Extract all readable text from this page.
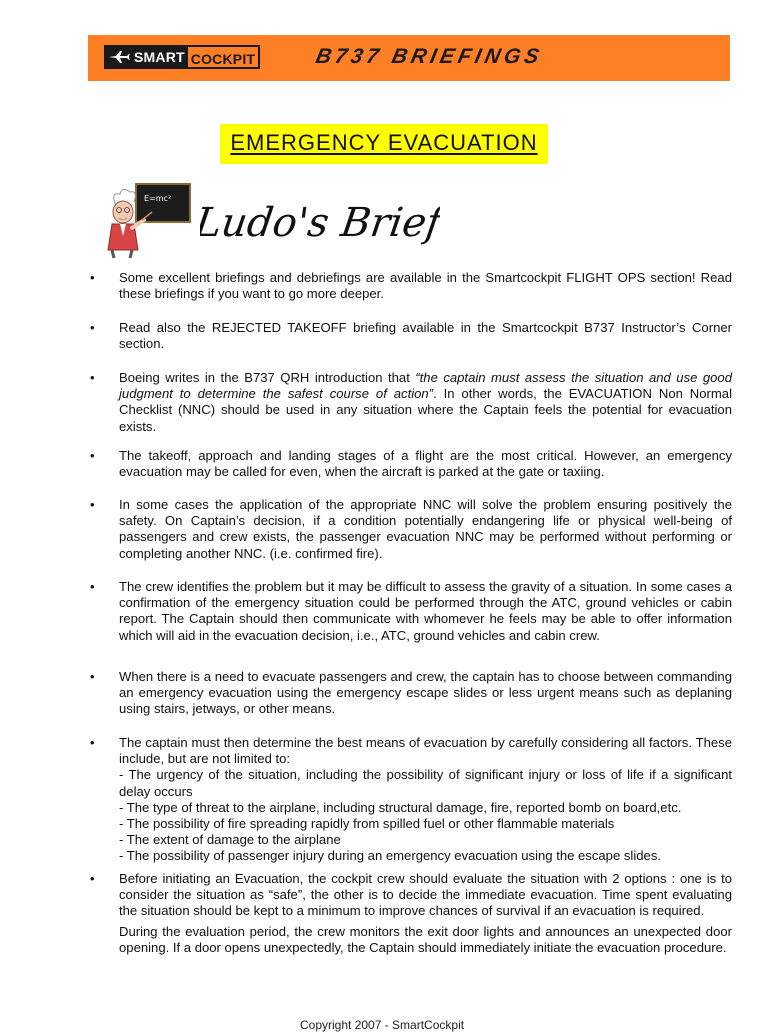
SMART COCKPIT	B737 BRIEFINGS
EMERGENCY EVACUATION
E=mc²
Ludo's Brief
• Some excellent briefings and debriefings are available in the Smartcockpit FLIGHT OPS section! Read these briefings if you want to go more deeper.

• Read also the REJECTED TAKEOFF briefing available in the Smartcockpit B737 Instructor’s Corner section.

• Boeing writes in the B737 QRH introduction that “the captain must assess the situation and use good judgment to determine the safest course of action”. In other words, the EVACUATION Non Normal Checklist (NNC) should be used in any situation where the Captain feels the potential for evacuation exists.

• The takeoff, approach and landing stages of a flight are the most critical. However, an emergency evacuation may be called for even, when the aircraft is parked at the gate or taxiing.

• In some cases the application of the appropriate NNC will solve the problem ensuring positively the safety. On Captain’s decision, if a condition potentially endangering life or physical well-being of passengers and crew exists, the passenger evacuation NNC may be performed without performing or completing another NNC. (i.e. confirmed fire).

• The crew identifies the problem but it may be difficult to assess the gravity of a situation. In some cases a confirmation of the emergency situation could be performed through the ATC, ground vehicles or cabin report. The Captain should then communicate with whomever he feels may be able to offer information which will aid in the evacuation decision, i.e., ATC, ground vehicles and cabin crew.

• When there is a need to evacuate passengers and crew, the captain has to choose between commanding an emergency evacuation using the emergency escape slides or less urgent means such as deplaning using stairs, jetways, or other means.

• The captain must then determine the best means of evacuation by carefully considering all factors. These include, but are not limited to:

- The urgency of the situation, including the possibility of significant injury or loss of life if a significant delay occurs

- The type of threat to the airplane, including structural damage, fire, reported bomb on board,etc.

- The possibility of fire spreading rapidly from spilled fuel or other flammable materials

- The extent of damage to the airplane

- The possibility of passenger injury during an emergency evacuation using the escape slides.

• Before initiating an Evacuation, the cockpit crew should evaluate the situation with 2 options : one is to consider the situation as “safe”, the other is to decide the immediate evacuation. Time spent evaluating the situation should be kept to a minimum to improve chances of survival if an evacuation is required.

During the evaluation period, the crew monitors the exit door lights and announces an unexpected door opening. If a door opens unexpectedly, the Captain should immediately initiate the evacuation procedure.

Copyright 2007 - SmartCockpit
